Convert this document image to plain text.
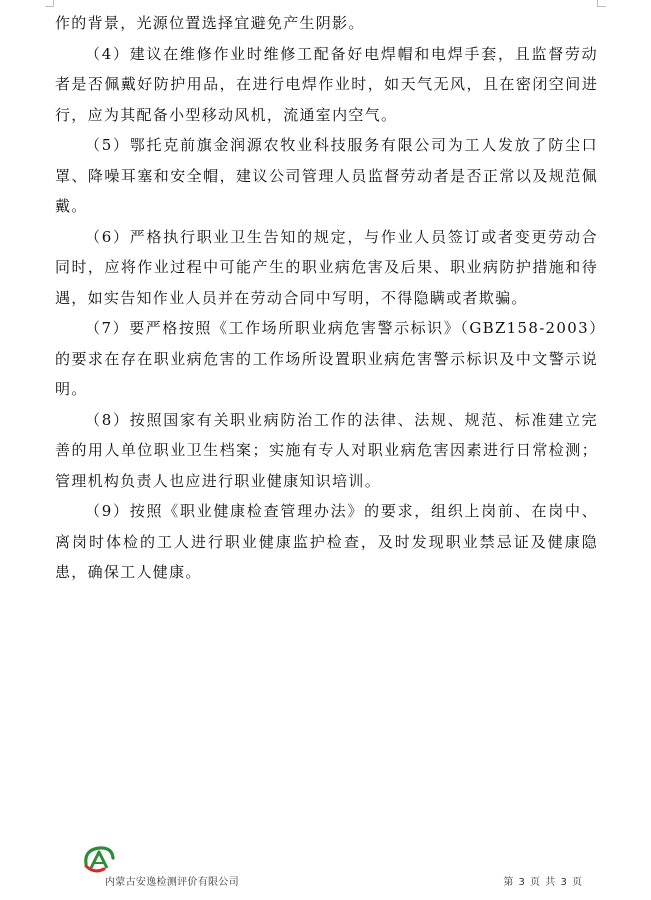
作的背景，光源位置选择宜避免产生阴影。

（4）建议在维修作业时维修工配备好电焊帽和电焊手套，且监督劳动者是否佩戴好防护用品，在进行电焊作业时，如天气无风，且在密闭空间进行，应为其配备小型移动风机，流通室内空气。

（5）鄂托克前旗金润源农牧业科技服务有限公司为工人发放了防尘口罩、降噪耳塞和安全帽，建议公司管理人员监督劳动者是否正常以及规范佩戴。

（6）严格执行职业卫生告知的规定，与作业人员签订或者变更劳动合同时，应将作业过程中可能产生的职业病危害及后果、职业病防护措施和待遇，如实告知作业人员并在劳动合同中写明，不得隐瞒或者欺骗。

（7）要严格按照《工作场所职业病危害警示标识》（GBZ158-2003）的要求在存在职业病危害的工作场所设置职业病危害警示标识及中文警示说明。

（8）按照国家有关职业病防治工作的法律、法规、规范、标准建立完善的用人单位职业卫生档案；实施有专人对职业病危害因素进行日常检测；管理机构负责人也应进行职业健康知识培训。

（9）按照《职业健康检查管理办法》的要求，组织上岗前、在岗中、离岗时体检的工人进行职业健康监护检查，及时发现职业禁忌证及健康隐患，确保工人健康。

内蒙古安逸检测评价有限公司	第 3 页 共 3 页
